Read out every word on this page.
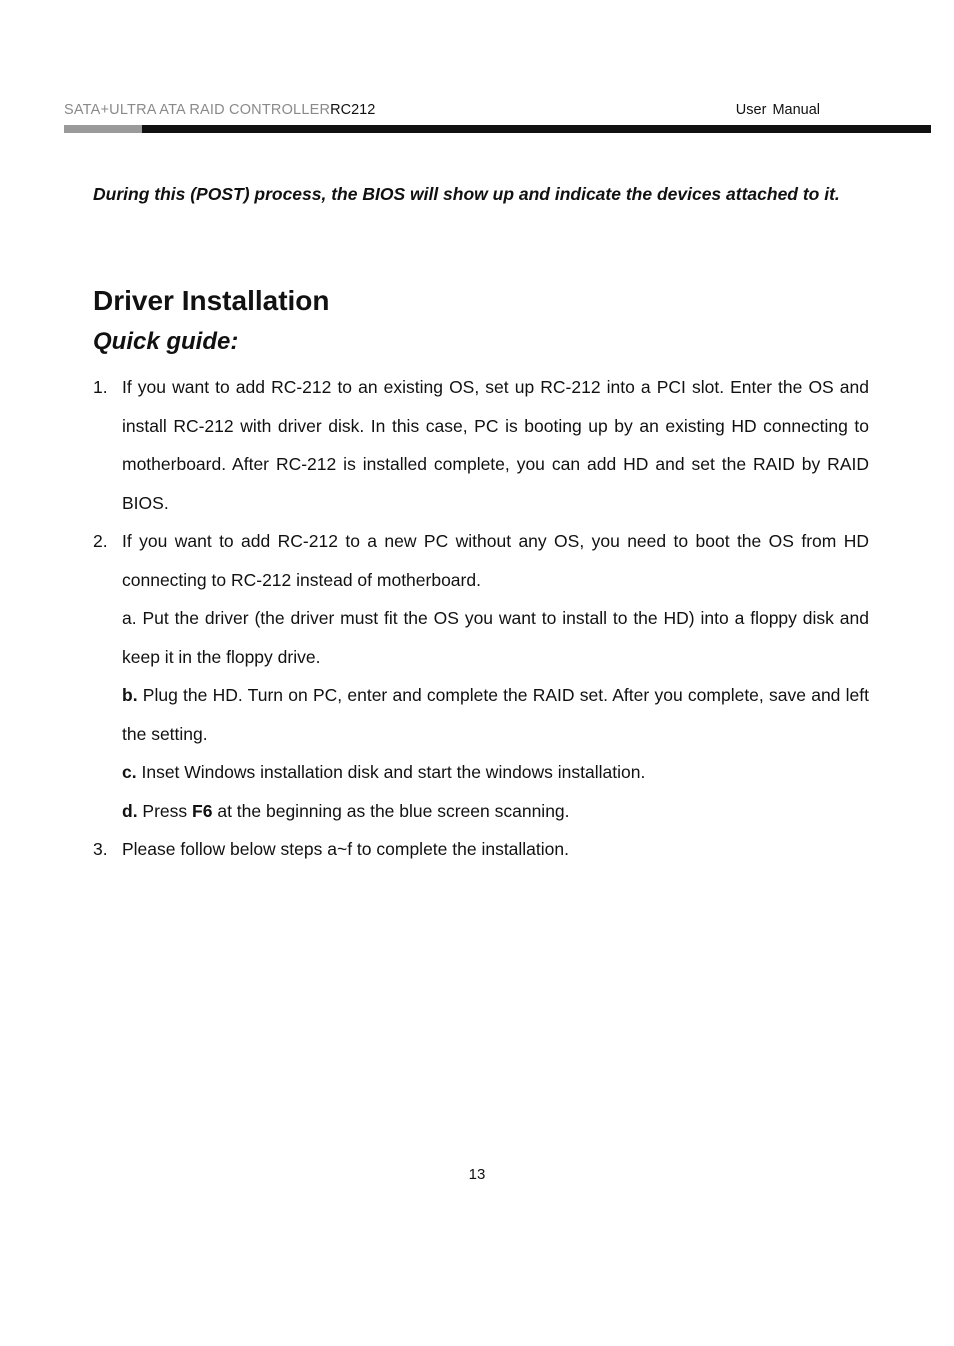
SATA+ULTRA ATA RAID CONTROLLERRC212	User Manual

During this (POST) process, the BIOS will show up and indicate the devices attached to it.

Driver Installation
Quick guide:
1. If you want to add RC-212 to an existing OS, set up RC-212 into a PCI slot. Enter the OS and install RC-212 with driver disk. In this case, PC is booting up by an existing HD connecting to motherboard. After RC-212 is installed complete, you can add HD and set the RAID by RAID BIOS.
2. If you want to add RC-212 to a new PC without any OS, you need to boot the OS from HD connecting to RC-212 instead of motherboard.

a. Put the driver (the driver must fit the OS you want to install to the HD) into a floppy disk and keep it in the floppy drive.

b. Plug the HD. Turn on PC, enter and complete the RAID set. After you complete, save and left the setting.

c. Inset Windows installation disk and start the windows installation.

d. Press F6 at the beginning as the blue screen scanning.

3. Please follow below steps a~f to complete the installation.
13
